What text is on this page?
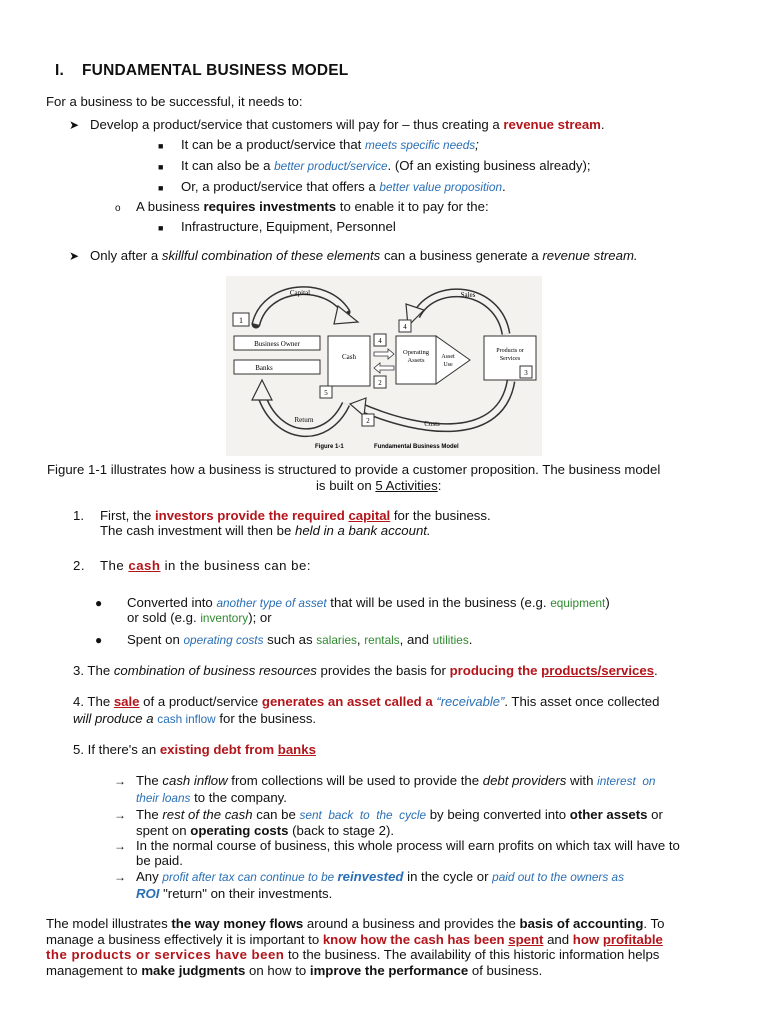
I. FUNDAMENTAL BUSINESS MODEL
For a business to be successful, it needs to:
➤ Develop a product/service that customers will pay for – thus creating a revenue stream.
■ It can be a product/service that meets specific needs;
■ It can also be a better product/service. (Of an existing business already);
■ Or, a product/service that offers a better value proposition.
o A business requires investments to enable it to pay for the:
■ Infrastructure, Equipment, Personnel
➤ Only after a skillful combination of these elements can a business generate a revenue stream.
1
Business Owner
Banks
Cash
4
2
4
Operating
Assets	Asset
Use
Products or
Services
3
5
2
Capital	Sales
Return	Costs
Figure 1-1	Fundamental Business Model
Figure 1-1 illustrates how a business is structured to provide a customer proposition. The business model
is built on 5 Activities:
1. First, the investors provide the required capital for the business.
The cash investment will then be held in a bank account.
2. The cash in the business can be:
● Converted into another type of asset that will be used in the business (e.g. equipment)
or sold (e.g. inventory); or
● Spent on operating costs such as salaries, rentals, and utilities.
3. The combination of business resources provides the basis for producing the products/services.
4. The sale of a product/service generates an asset called a “receivable”. This asset once collected
will produce a cash inflow for the business.
5. If there's an existing debt from banks
→ The cash inflow from collections will be used to provide the debt providers with interest  on
their loans to the company.
→ The rest of the cash can be sent  back  to  the  cycle by being converted into other assets or
spent on operating costs (back to stage 2).
→ In the normal course of business, this whole process will earn profits on which tax will have to
be paid.
→ Any profit after tax can continue to be reinvested in the cycle or paid out to the owners as
ROI "return" on their investments.
The model illustrates the way money flows around a business and provides the basis of accounting. To
manage a business effectively it is important to know how the cash has been spent and how profitable
the products or services have been to the business. The availability of this historic information helps
management to make judgments on how to improve the performance of business.
